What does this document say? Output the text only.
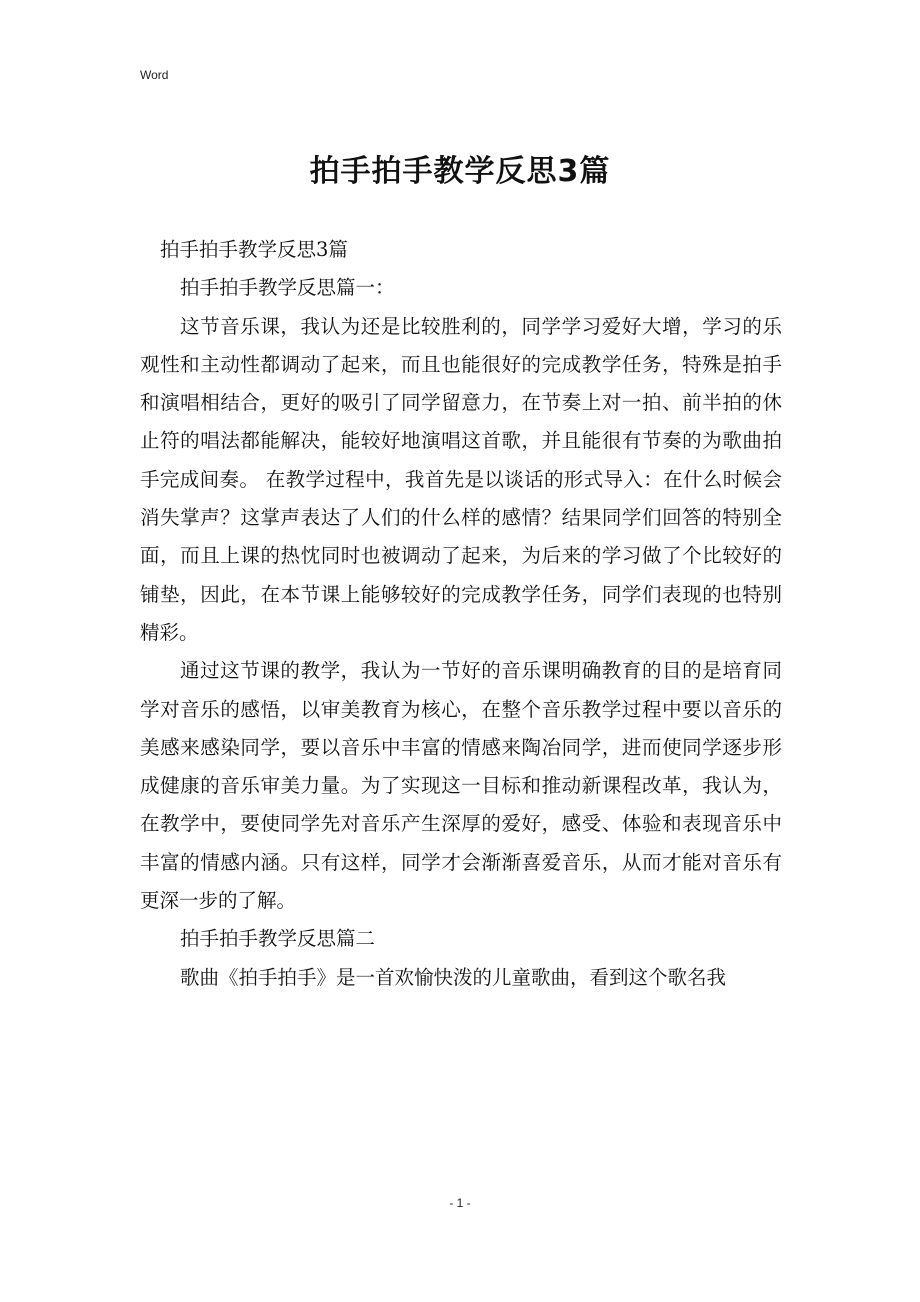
Word
拍手拍手教学反思3篇

拍手拍手教学反思3篇

拍手拍手教学反思篇一：

这节音乐课，我认为还是比较胜利的，同学学习爱好大增，学习的乐观性和主动性都调动了起来，而且也能很好的完成教学任务，特殊是拍手和演唱相结合，更好的吸引了同学留意力，在节奏上对一拍、前半拍的休止符的唱法都能解决，能较好地演唱这首歌，并且能很有节奏的为歌曲拍手完成间奏。 在教学过程中，我首先是以谈话的形式导入：在什么时候会消失掌声？这掌声表达了人们的什么样的感情？结果同学们回答的特别全面，而且上课的热忱同时也被调动了起来，为后来的学习做了个比较好的铺垫，因此，在本节课上能够较好的完成教学任务，同学们表现的也特别精彩。

通过这节课的教学，我认为一节好的音乐课明确教育的目的是培育同学对音乐的感悟，以审美教育为核心，在整个音乐教学过程中要以音乐的美感来感染同学，要以音乐中丰富的情感来陶冶同学，进而使同学逐步形成健康的音乐审美力量。为了实现这一目标和推动新课程改革，我认为，在教学中，要使同学先对音乐产生深厚的爱好，感受、体验和表现音乐中丰富的情感内涵。只有这样，同学才会渐渐喜爱音乐，从而才能对音乐有更深一步的了解。

拍手拍手教学反思篇二

歌曲《拍手拍手》是一首欢愉快泼的儿童歌曲，看到这个歌名我

- 1 -
